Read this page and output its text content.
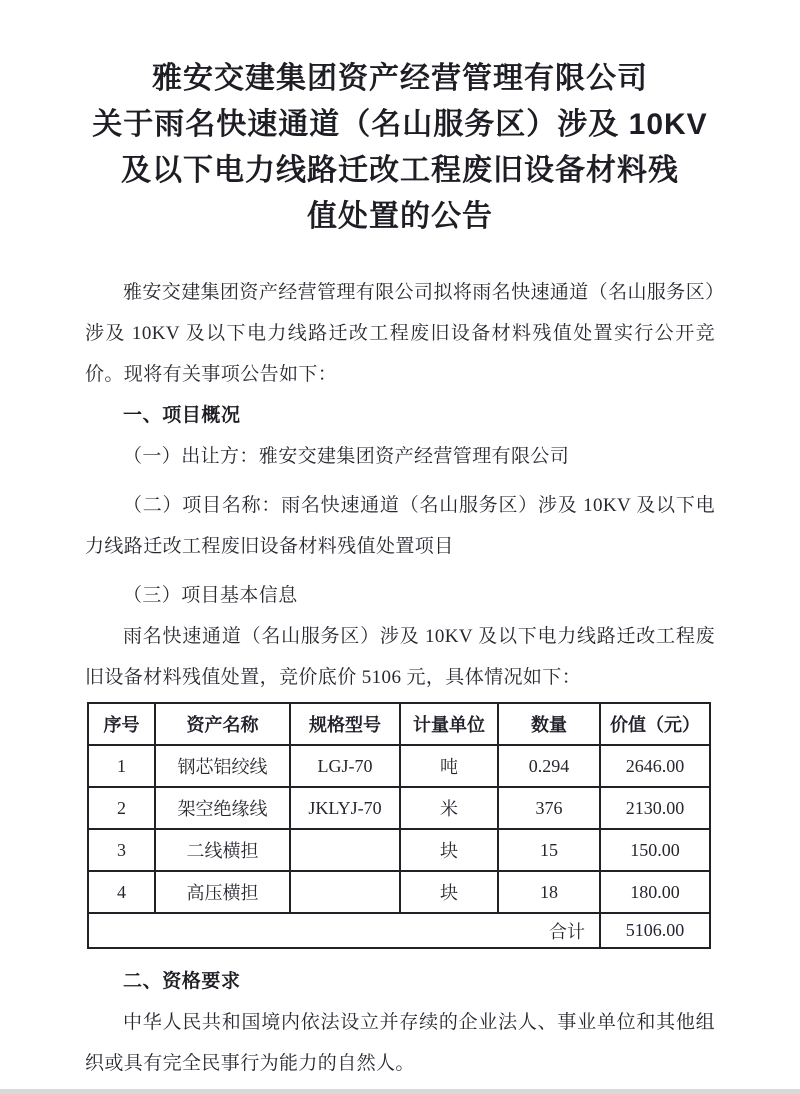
雅安交建集团资产经营管理有限公司
关于雨名快速通道（名山服务区）涉及 10KV
及以下电力线路迁改工程废旧设备材料残
值处置的公告

雅安交建集团资产经营管理有限公司拟将雨名快速通道（名山服务区）涉及 10KV 及以下电力线路迁改工程废旧设备材料残值处置实行公开竞价。现将有关事项公告如下：

一、项目概况

（一）出让方：雅安交建集团资产经营管理有限公司

（二）项目名称：雨名快速通道（名山服务区）涉及 10KV 及以下电力线路迁改工程废旧设备材料残值处置项目

（三）项目基本信息

雨名快速通道（名山服务区）涉及 10KV 及以下电力线路迁改工程废旧设备材料残值处置，竞价底价 5106 元，具体情况如下：

序号	资产名称	规格型号	计量单位	数量	价值（元）
1	钢芯铝绞线	LGJ-70	吨	0.294	2646.00
2	架空绝缘线	JKLYJ-70	米	376	2130.00
3	二线横担		块	15	150.00
4	高压横担		块	18	180.00
合计					5106.00

二、资格要求

中华人民共和国境内依法设立并存续的企业法人、事业单位和其他组织或具有完全民事行为能力的自然人。
